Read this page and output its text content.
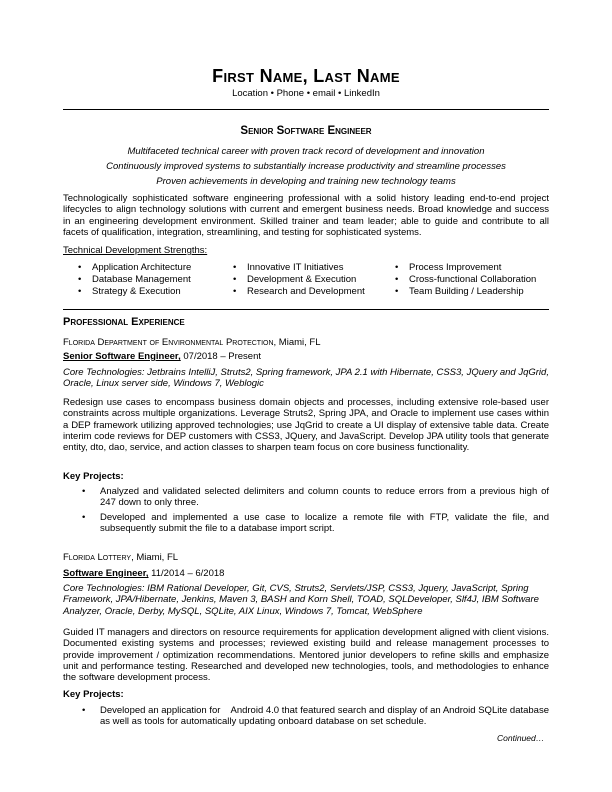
First Name, Last Name
Location • Phone • email • LinkedIn
Senior Software Engineer
Multifaceted technical career with proven track record of development and innovation
Continuously improved systems to substantially increase productivity and streamline processes
Proven achievements in developing and training new technology teams
Technologically sophisticated software engineering professional with a solid history leading end-to-end project lifecycles to align technology solutions with current and emergent business needs. Broad knowledge and success in an engineering development environment. Skilled trainer and team leader; able to guide and contribute to all facets of qualification, integration, streamlining, and testing for sophisticated systems.
Technical Development Strengths:
• Application Architecture
• Database Management
• Strategy & Execution
• Innovative IT Initiatives
• Development & Execution
• Research and Development
• Process Improvement
• Cross-functional Collaboration
• Team Building / Leadership
Professional Experience
Florida Department of Environmental Protection, Miami, FL
Senior Software Engineer, 07/2018 – Present
Core Technologies: Jetbrains IntelliJ, Struts2, Spring framework, JPA 2.1 with Hibernate, CSS3, JQuery and JqGrid, Oracle, Linux server side, Windows 7, Weblogic
Redesign use cases to encompass business domain objects and processes, including extensive role-based user constraints across multiple organizations. Leverage Struts2, Spring JPA, and Oracle to implement use cases within a DEP framework utilizing approved technologies; use JqGrid to create a UI display of extensive table data. Create interim code reviews for DEP customers with CSS3, JQuery, and JavaScript. Develop JPA utility tools that generate entity, dto, dao, service, and action classes to sharpen team focus on core business functionality.
Key Projects:
• Analyzed and validated selected delimiters and column counts to reduce errors from a previous high of 247 down to only three.
• Developed and implemented a use case to localize a remote file with FTP, validate the file, and subsequently submit the file to a database import script.
Florida Lottery, Miami, FL
Software Engineer, 11/2014 – 6/2018
Core Technologies: IBM Rational Developer, Git, CVS, Struts2, Servlets/JSP, CSS3, Jquery, JavaScript, Spring Framework, JPA/Hibernate, Jenkins, Maven 3, BASH and Korn Shell, TOAD, SQLDeveloper, Slf4J, IBM Software Analyzer, Oracle, Derby, MySQL, SQLite, AIX Linux, Windows 7, Tomcat, WebSphere
Guided IT managers and directors on resource requirements for application development aligned with client visions. Documented existing systems and processes; reviewed existing build and release management processes to provide improvement / optimization recommendations. Mentored junior developers to refine skills and emphasize unit and performance testing. Researched and developed new technologies, tools, and methodologies to enhance the software development process.
Key Projects:
• Developed an application for    Android 4.0 that featured search and display of an Android SQLite database as well as tools for automatically updating onboard database on set schedule.
Continued…
